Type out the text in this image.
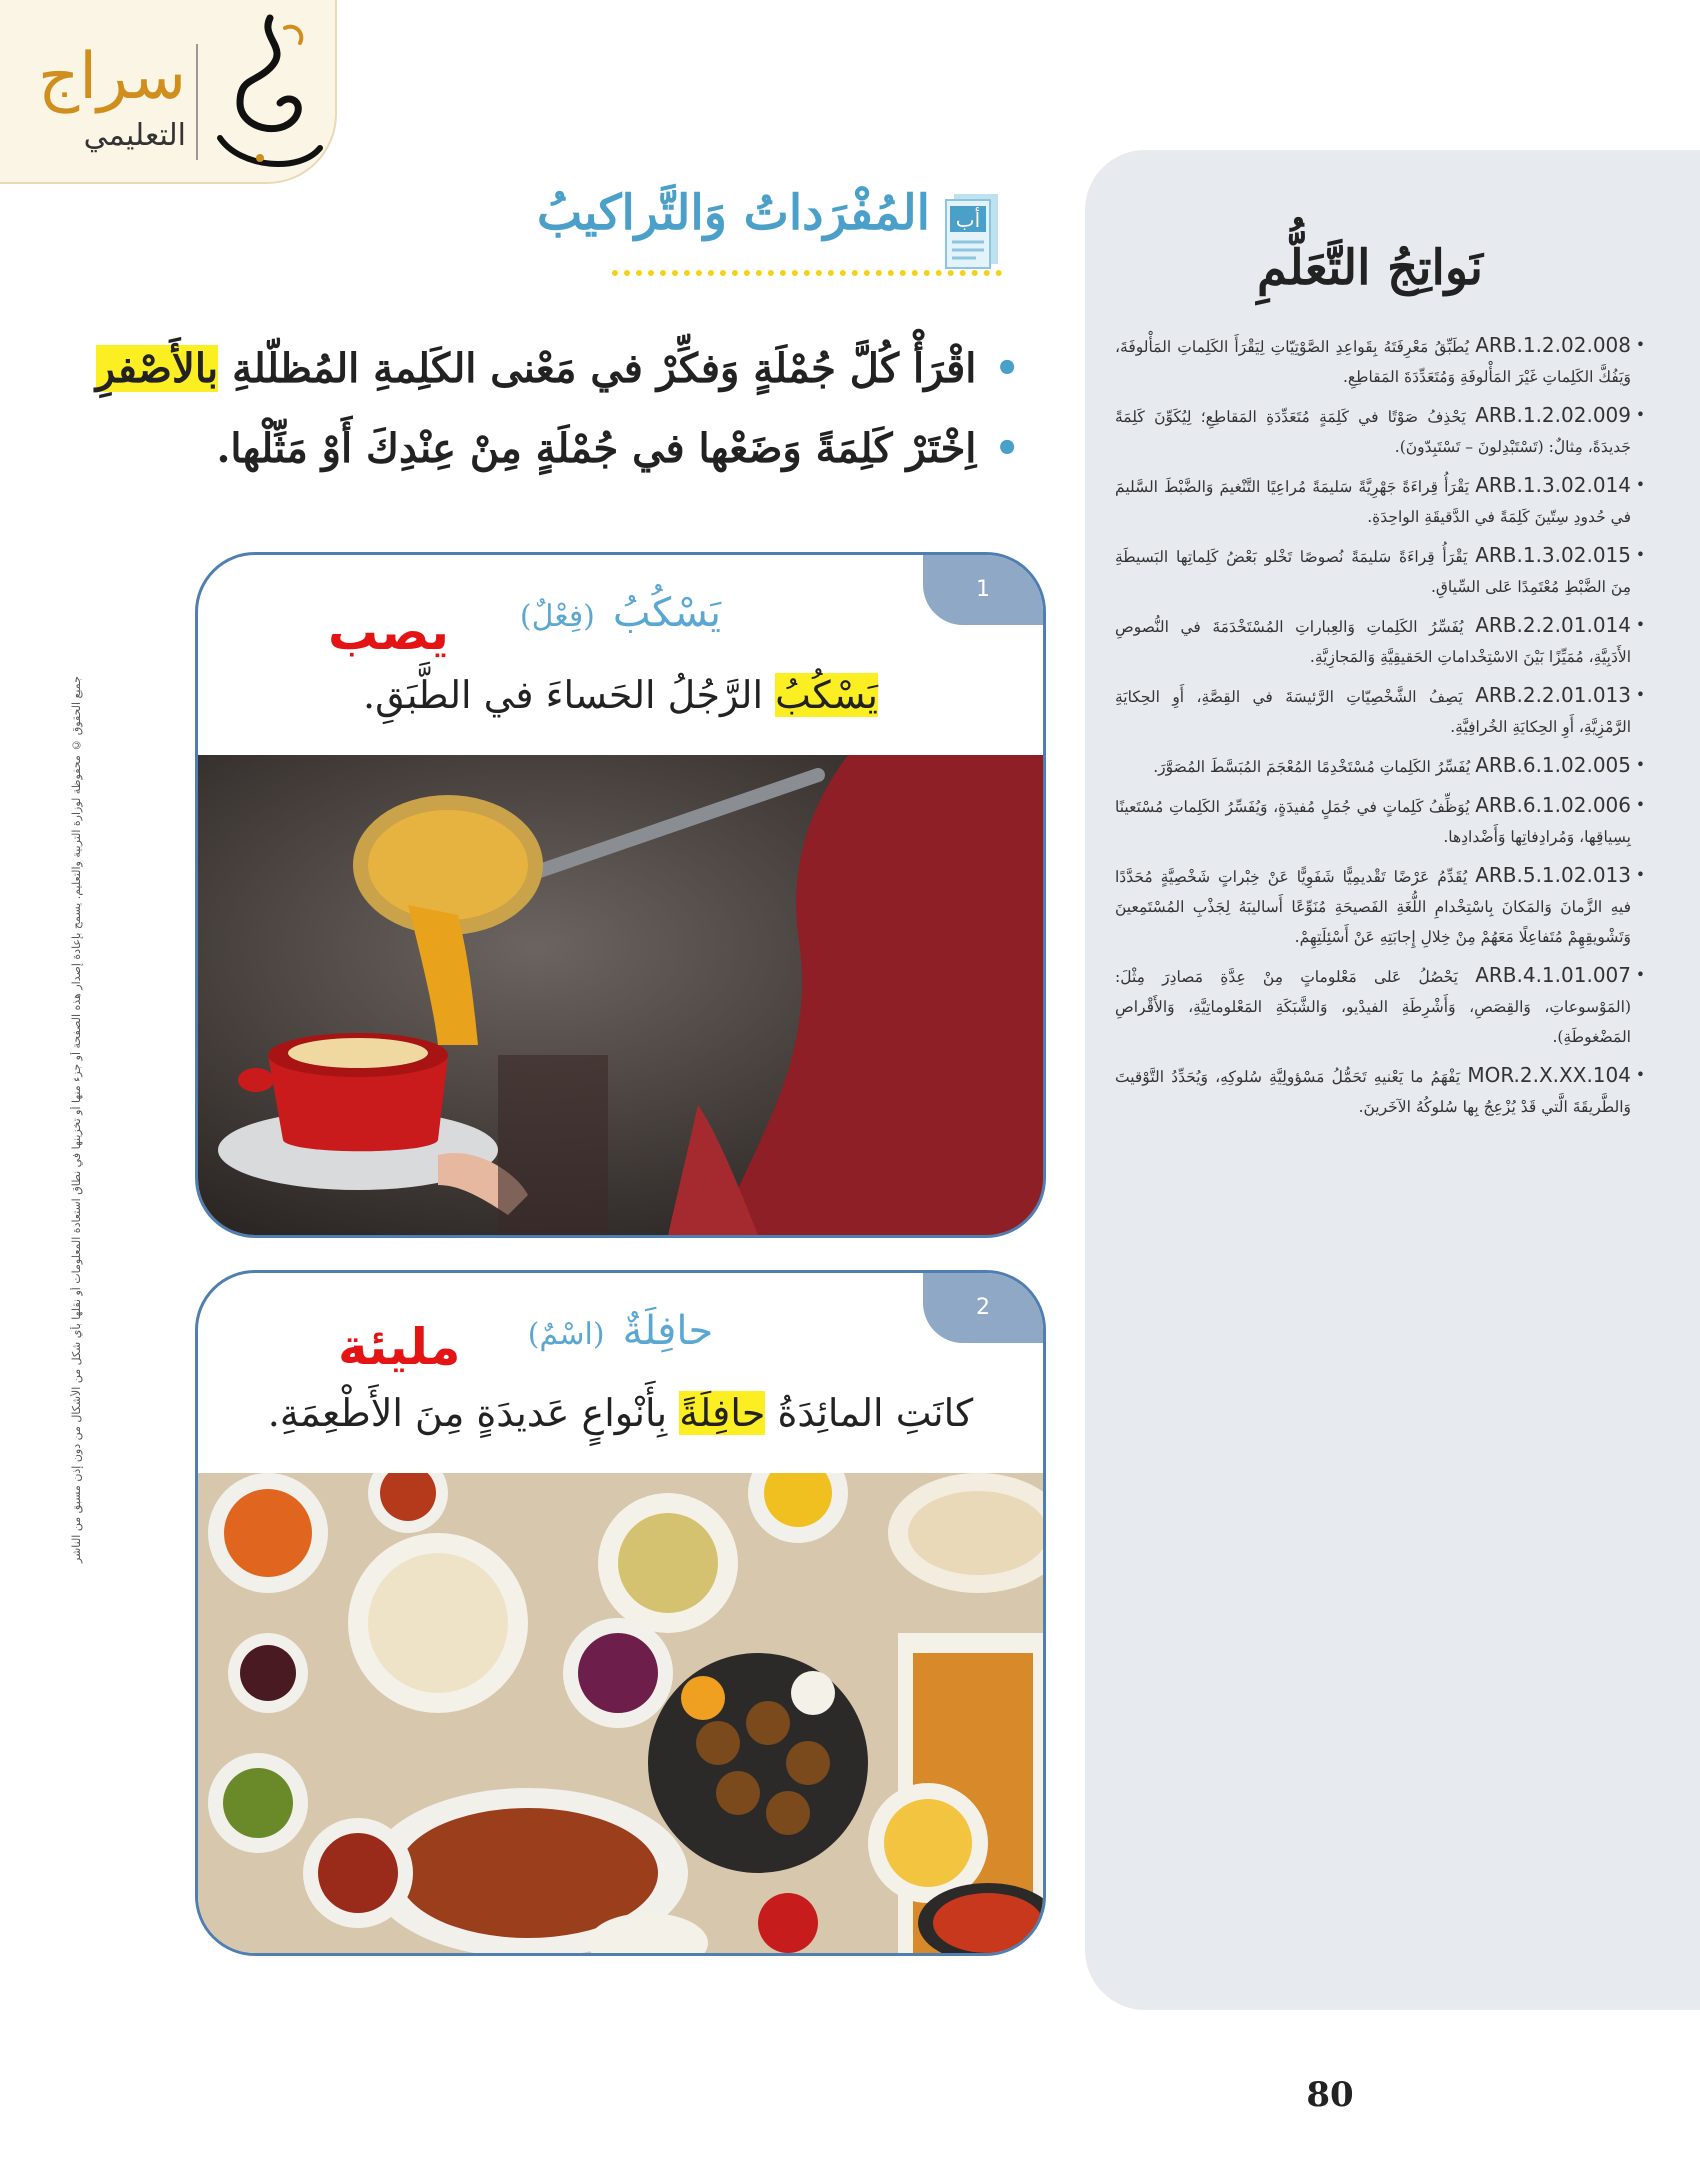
سراج
التعليمي
جميع الحقوق © محفوظة لوزارة التربية والتعليم. يسمح بإعادة إصدار هذه الصفحة أو جزء منها أو تخزينها في نطاق استعادة المعلومات أو نقلها بأي شكل من الأشكال من دون إذن مسبق من الناشر
أب
المُفْرَداتُ وَالتَّراكيبُ
•اقْرَأْ كُلَّ جُمْلَةٍ وَفكِّرْ في مَعْنى الكَلِمةِ المُظلّلةِ بالأَصْفرِ
•اِخْتَرْ كَلِمَةً وَضَعْها في جُمْلَةٍ مِنْ عِنْدِكَ أَوْ مَثِّلْها.
1
يَسْكُبُ(فِعْلٌ)
يصب
يَسْكُبُ الرَّجُلُ الحَساءَ في الطَّبَقِ.
2
حافِلَةٌ(اسْمٌ)
مليئة
كانَتِ المائِدَةُ حافِلَةً بِأَنْواعٍ عَديدَةٍ مِنَ الأَطْعِمَةِ.
نَواتِجُ التَّعَلُّمِ
• ARB.1.2.02.008 يُطَبِّقُ مَعْرِفَتَهُ بِقَواعِدِ الصَّوْتِيّاتِ لِيَقْرَأَ الكَلِماتِ المَأْلوفَةَ، وَيَفُكَّ الكَلِماتِ غَيْرَ المَأْلوفَةِ وَمُتَعَدِّدَةَ المَقاطِعِ.
• ARB.1.2.02.009 يَحْذِفُ صَوْتًا في كَلِمَةٍ مُتَعَدِّدَةِ المَقاطِعِ؛ لِيُكَوِّنَ كَلِمَةً جَديدَةً، مِثالٌ: (تَسْتَبْدِلونَ – تَسْتَبِدّونَ).
• ARB.1.3.02.014 يَقْرَأُ قِراءَةً جَهْرِيَّةً سَليمَةً مُراعِيًا التَّنْغيمَ وَالضَّبْطَ السَّليمَ في حُدودِ سِتّينَ كَلِمَةً في الدَّقيقَةِ الواحِدَةِ.
• ARB.1.3.02.015 يَقْرَأُ قِراءَةً سَليمَةً نُصوصًا تَخْلو بَعْضُ كَلِماتِها البَسيطَةِ مِنَ الضَّبْطِ مُعْتَمِدًا عَلى السِّياقِ.
• ARB.2.2.01.014 يُفَسِّرُ الكَلِماتِ وَالعِباراتِ المُسْتَخْدَمَةَ في النُّصوصِ الأَدَبِيَّةِ، مُمَيِّزًا بَيْنَ الاسْتِخْداماتِ الحَقيقِيَّةِ وَالمَجازِيَّةِ.
• ARB.2.2.01.013 يَصِفُ الشَّخْصِيّاتِ الرَّئيسَةَ في القِصَّةِ، أَوِ الحِكايَةِ الرَّمْزِيَّةِ، أَوِ الحِكايَةِ الخُرافِيَّةِ.
• ARB.6.1.02.005 يُفَسِّرُ الكَلِماتِ مُسْتَخْدِمًا المُعْجَمَ المُبَسَّطَ المُصَوَّرَ.
• ARB.6.1.02.006 يُوَظِّفُ كَلِماتٍ في جُمَلٍ مُفيدَةٍ، وَيُفَسِّرُ الكَلِماتِ مُسْتَعينًا بِسِياقِها، وَمُرادِفاتِها وَأَضْدادِها.
• ARB.5.1.02.013 يُقَدِّمُ عَرْضًا تَقْديمِيًّا شَفَوِيًّا عَنْ خِبْراتٍ شَخْصِيَّةٍ مُحَدَّدًا فيهِ الزَّمانَ وَالمَكانَ بِاسْتِخْدامِ اللُّغَةِ الفَصيحَةِ مُنَوِّعًا أَساليبَهُ لِجَذْبِ المُسْتَمِعينَ وَتَشْويقِهِمْ مُتَفاعِلًا مَعَهُمْ مِنْ خِلالِ إِجابَتِهِ عَنْ أَسْئِلَتِهِمْ.
• ARB.4.1.01.007 يَحْصُلُ عَلى مَعْلوماتٍ مِنْ عِدَّةِ مَصادِرَ مِثْلَ: (المَوْسوعاتِ، وَالقِصَصِ، وَأَشْرِطَةِ الفيدْيو، وَالشَّبَكَةِ المَعْلوماتِيَّةِ، وَالأَقْراصِ المَضْغوطَةِ).
• MOR.2.X.XX.104 يَفْهَمُ ما يَعْنيهِ تَحَمُّلُ مَسْؤولِيَّةِ سُلوكِهِ، وَيُحَدِّدُ التَّوْقيتَ وَالطَّريقَةَ الَّتي قَدْ يُزْعِجُ بِها سُلوكُهُ الآخَرينَ.
80
